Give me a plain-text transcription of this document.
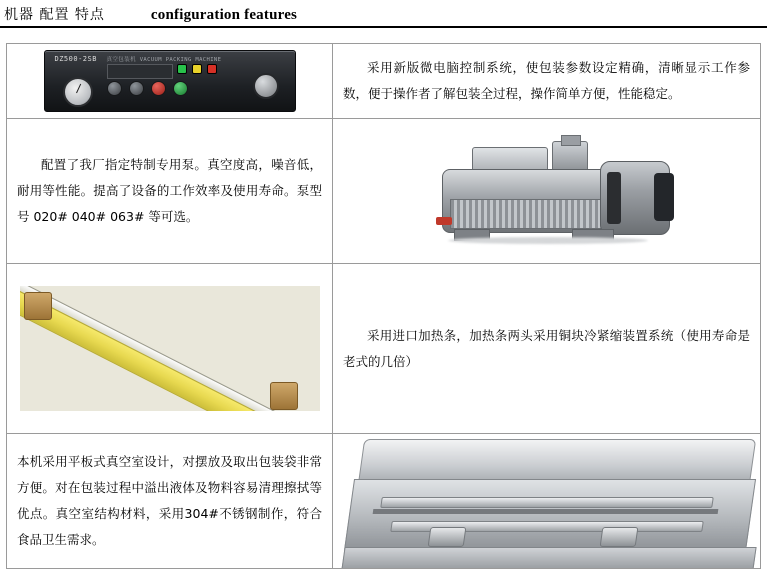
机器 配置 特点	configuration features
DZ500-2SB 真空包装机 VACUUM PACKING MACHINE	采用新版微电脑控制系统，使包装参数设定精确，清晰显示工作参数，便于操作者了解包装全过程，操作简单方便，性能稳定。

配置了我厂指定特制专用泵。真空度高，噪音低，耐用等性能。提高了设备的工作效率及使用寿命。泵型号 020# 040# 063# 等可选。	

	采用进口加热条，加热条两头采用铜块冷紧缩装置系统（使用寿命是老式的几倍）

本机采用平板式真空室设计，对摆放及取出包装袋非常方便。对在包装过程中溢出液体及物料容易清理擦拭等优点。真空室结构材料，采用304#不锈钢制作，符合食品卫生需求。	
